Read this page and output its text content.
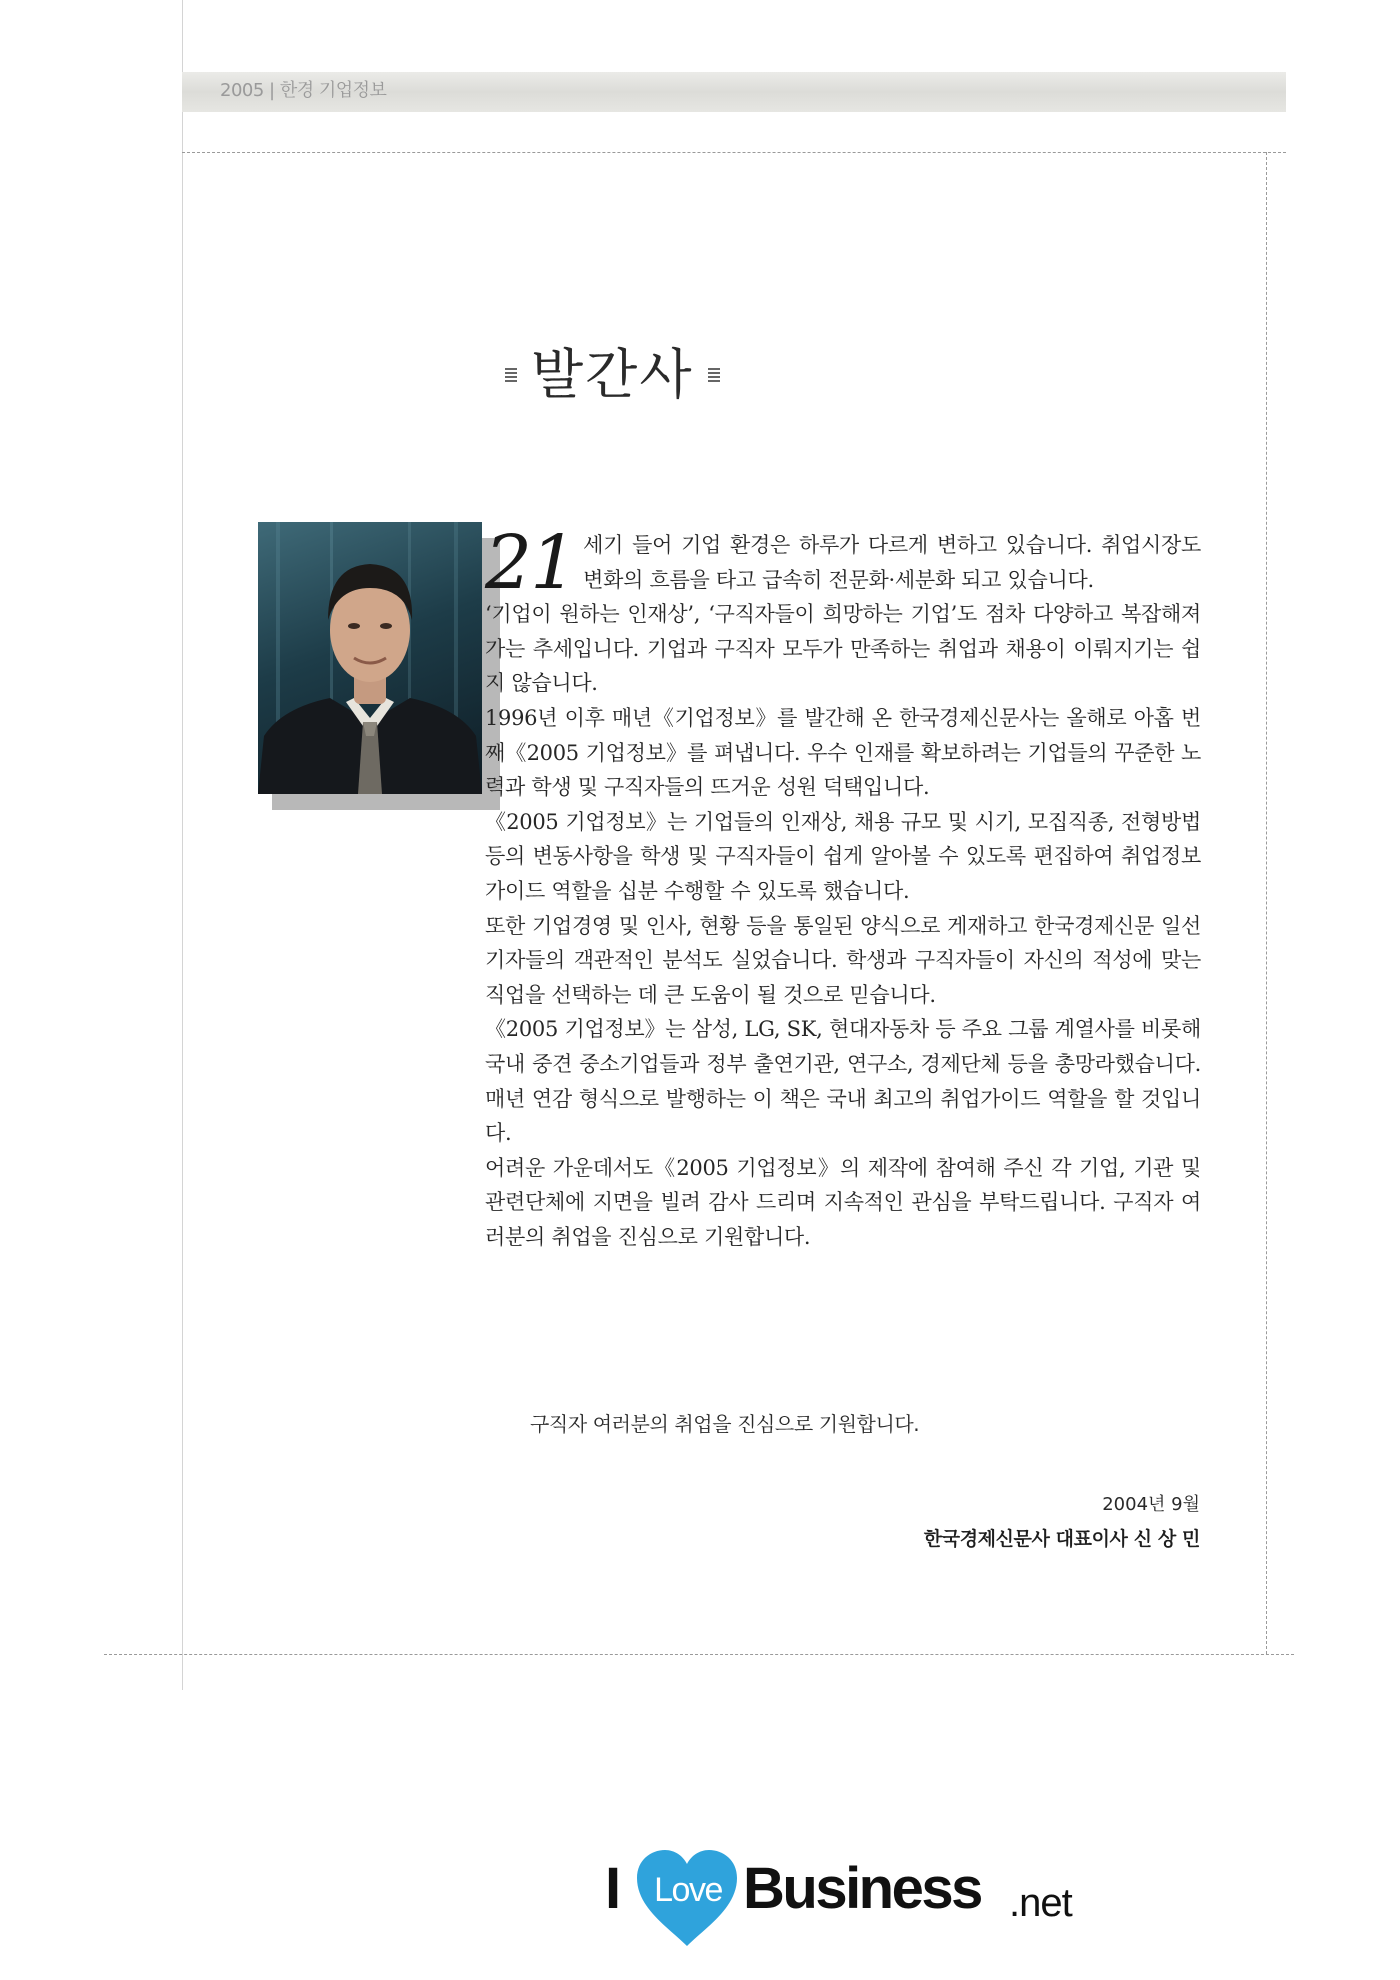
2005 | 한경 기업정보
발간사
21 세기 들어 기업 환경은 하루가 다르게 변하고 있습니다. 취업시장도 변화의 흐름을 타고 급속히 전문화·세분화 되고 있습니다.

‘기업이 원하는 인재상’, ‘구직자들이 희망하는 기업’도 점차 다양하고 복잡해져 가는 추세입니다. 기업과 구직자 모두가 만족하는 취업과 채용이 이뤄지기는 쉽지 않습니다.

1996년 이후 매년《기업정보》를 발간해 온 한국경제신문사는 올해로 아홉 번째《2005 기업정보》를 펴냅니다. 우수 인재를 확보하려는 기업들의 꾸준한 노력과 학생 및 구직자들의 뜨거운 성원 덕택입니다.

《2005 기업정보》는 기업들의 인재상, 채용 규모 및 시기, 모집직종, 전형방법 등의 변동사항을 학생 및 구직자들이 쉽게 알아볼 수 있도록 편집하여 취업정보 가이드 역할을 십분 수행할 수 있도록 했습니다.

또한 기업경영 및 인사, 현황 등을 통일된 양식으로 게재하고 한국경제신문 일선 기자들의 객관적인 분석도 실었습니다. 학생과 구직자들이 자신의 적성에 맞는 직업을 선택하는 데 큰 도움이 될 것으로 믿습니다.

《2005 기업정보》는 삼성, LG, SK, 현대자동차 등 주요 그룹 계열사를 비롯해 국내 중견 중소기업들과 정부 출연기관, 연구소, 경제단체 등을 총망라했습니다. 매년 연감 형식으로 발행하는 이 책은 국내 최고의 취업가이드 역할을 할 것입니다.

어려운 가운데서도《2005 기업정보》의 제작에 참여해 주신 각 기업, 기관 및 관련단체에 지면을 빌려 감사 드리며 지속적인 관심을 부탁드립니다. 구직자 여러분의 취업을 진심으로 기원합니다.

구직자 여러분의 취업을 진심으로 기원합니다.
2004년 9월
한국경제신문사 대표이사 신 상 민
I Love Business .net
